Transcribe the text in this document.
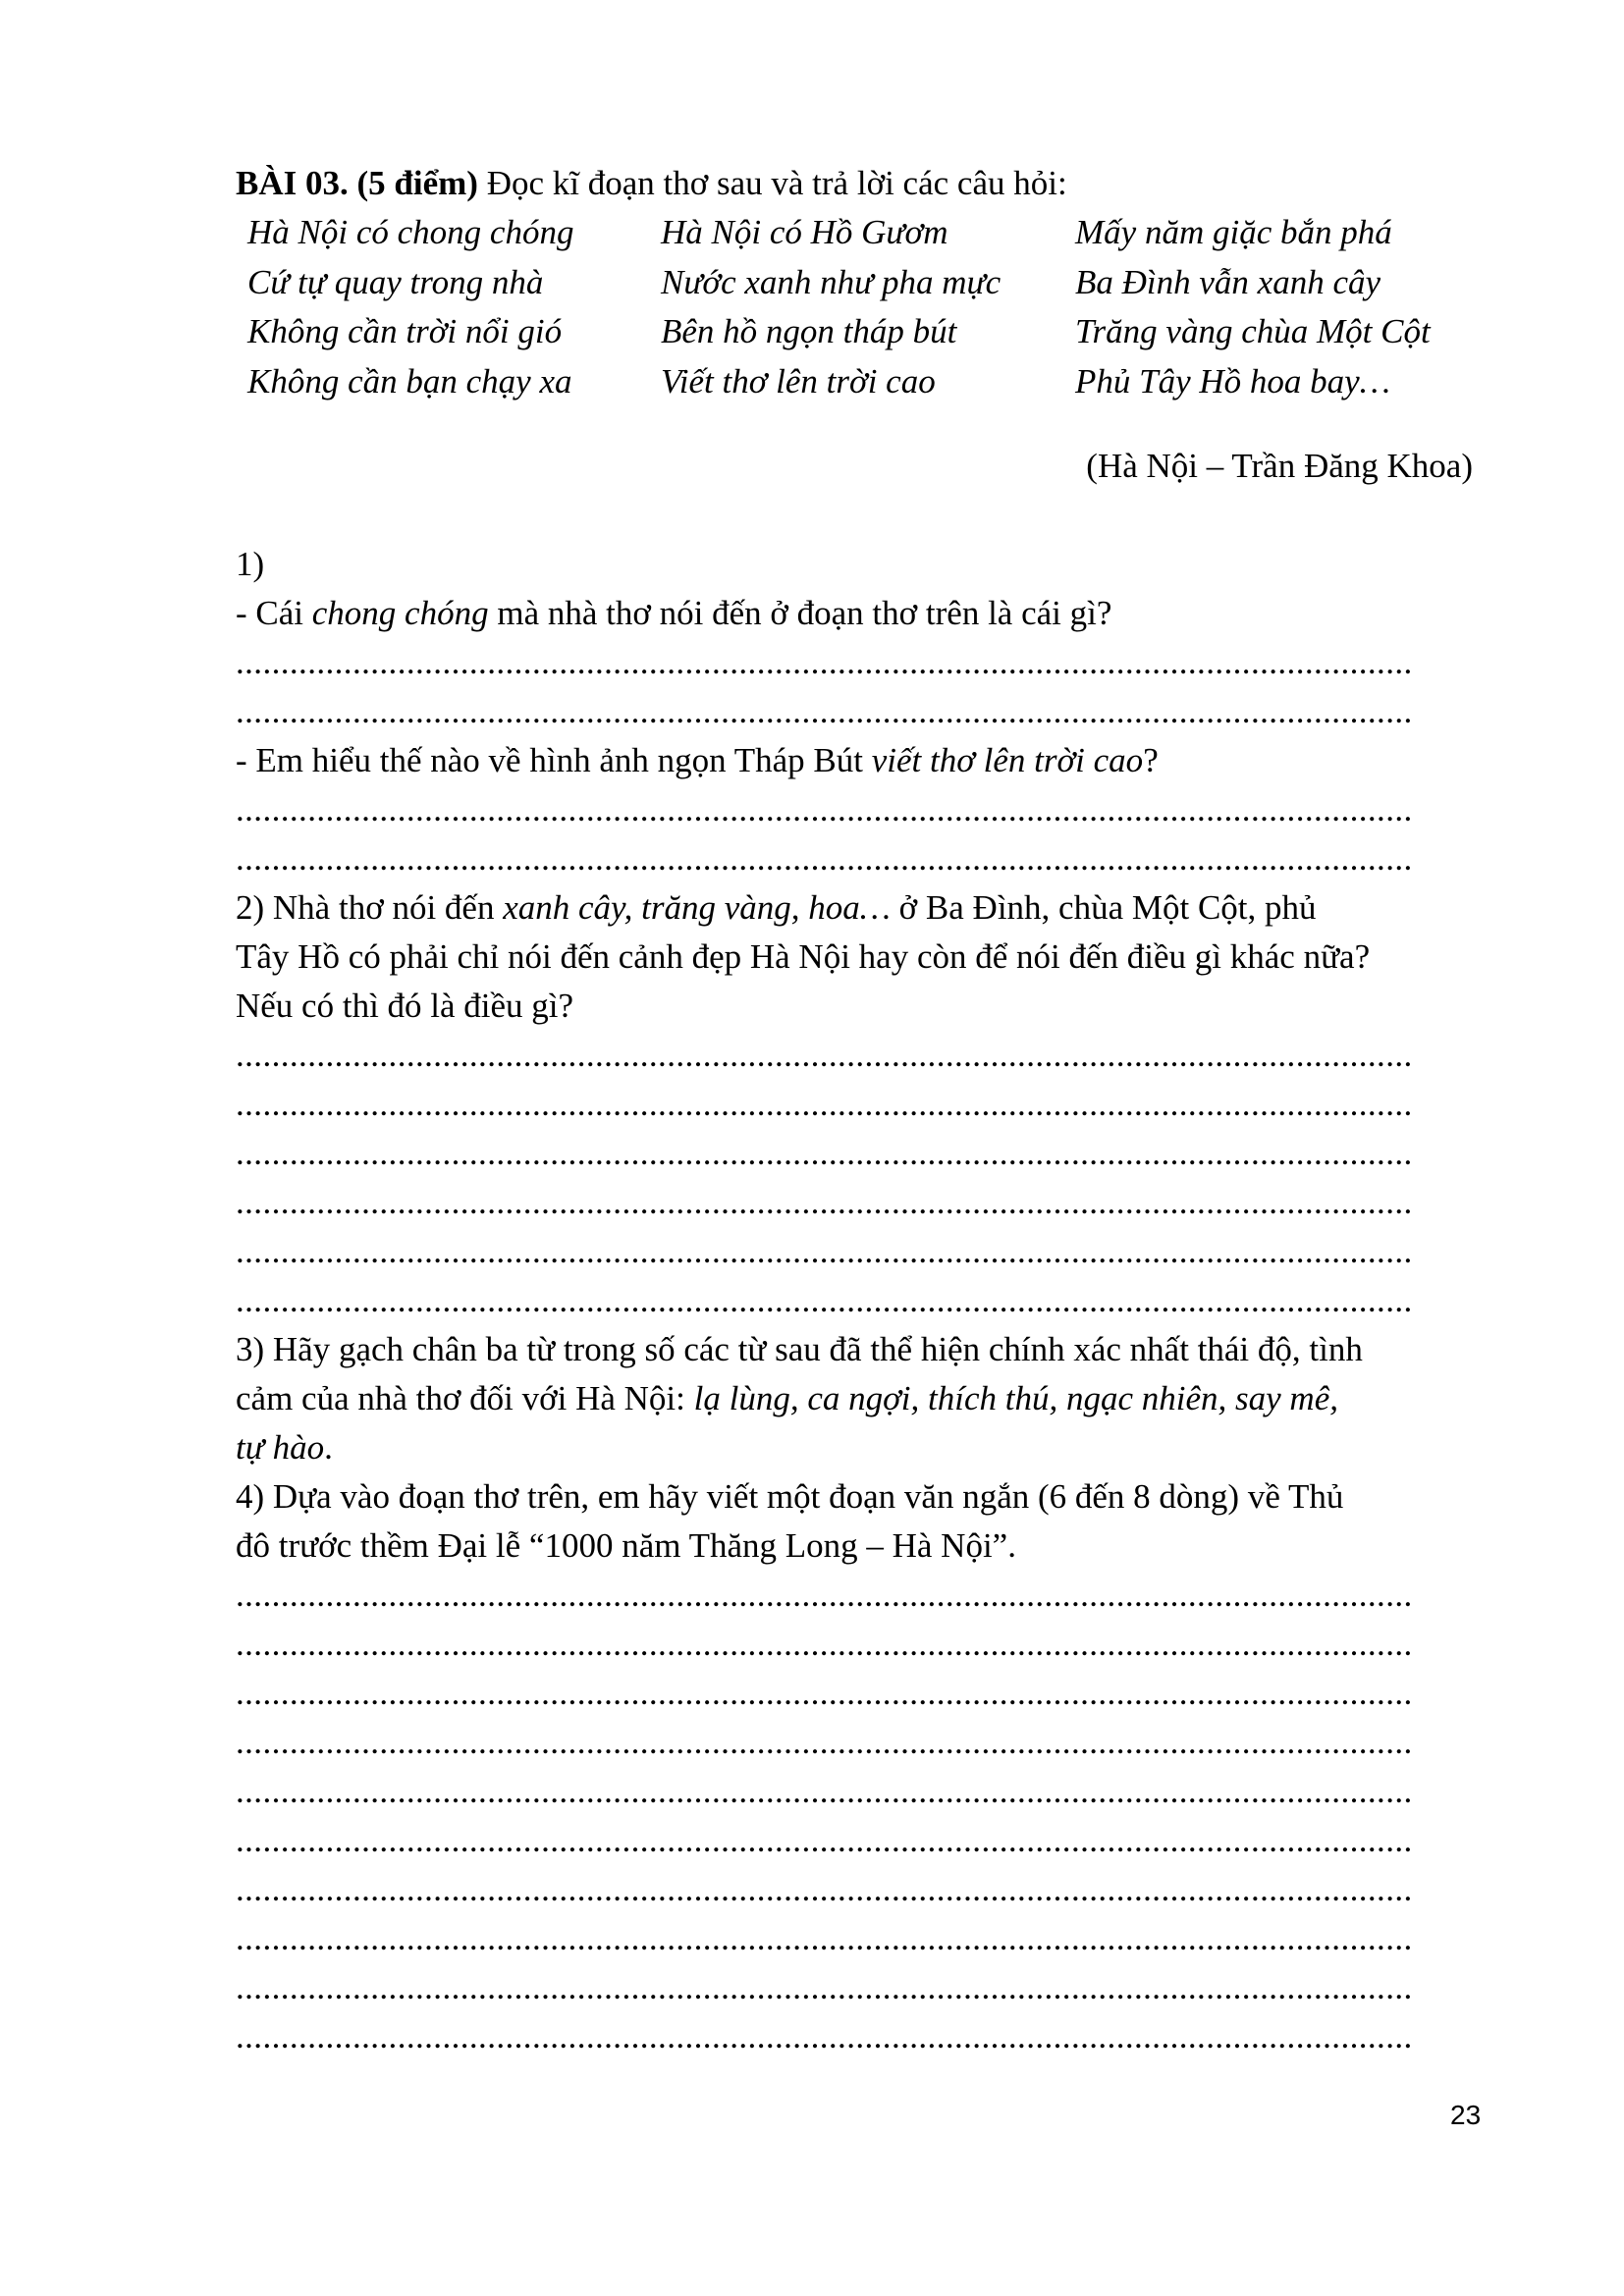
BÀI 03. (5 điểm) Đọc kĩ đoạn thơ sau và trả lời các câu hỏi:
Hà Nội có chong chóng
Cứ tự quay trong nhà
Không cần trời nổi gió
Không cần bạn chạy xa
Hà Nội có Hồ Gươm
Nước xanh như pha mực
Bên hồ ngọn tháp bút
Viết thơ lên trời cao
Mấy năm giặc bắn phá
Ba Đình vẫn xanh cây
Trăng vàng chùa Một Cột
Phủ Tây Hồ hoa bay…
(Hà Nội – Trần Đăng Khoa)
1)
- Cái chong chóng mà nhà thơ nói đến ở đoạn thơ trên là cái gì?
...................................................................................................................................
...................................................................................................................................
- Em hiểu thế nào về hình ảnh ngọn Tháp Bút viết thơ lên trời cao?
...................................................................................................................................
...................................................................................................................................
2) Nhà thơ nói đến xanh cây, trăng vàng, hoa… ở Ba Đình, chùa Một Cột, phủ
Tây Hồ có phải chỉ nói đến cảnh đẹp Hà Nội hay còn để nói đến điều gì khác nữa?
Nếu có thì đó là điều gì?
...................................................................................................................................
...................................................................................................................................
...................................................................................................................................
...................................................................................................................................
...................................................................................................................................
...................................................................................................................................
3) Hãy gạch chân ba từ trong số các từ sau đã thể hiện chính xác nhất thái độ, tình
cảm của nhà thơ đối với Hà Nội: lạ lùng, ca ngợi, thích thú, ngạc nhiên, say mê,
tự hào.
4) Dựa vào đoạn thơ trên, em hãy viết một đoạn văn ngắn (6 đến 8 dòng) về Thủ
đô trước thềm Đại lễ “1000 năm Thăng Long – Hà Nội”.
...................................................................................................................................
...................................................................................................................................
...................................................................................................................................
...................................................................................................................................
...................................................................................................................................
...................................................................................................................................
...................................................................................................................................
...................................................................................................................................
...................................................................................................................................
...................................................................................................................................
23
